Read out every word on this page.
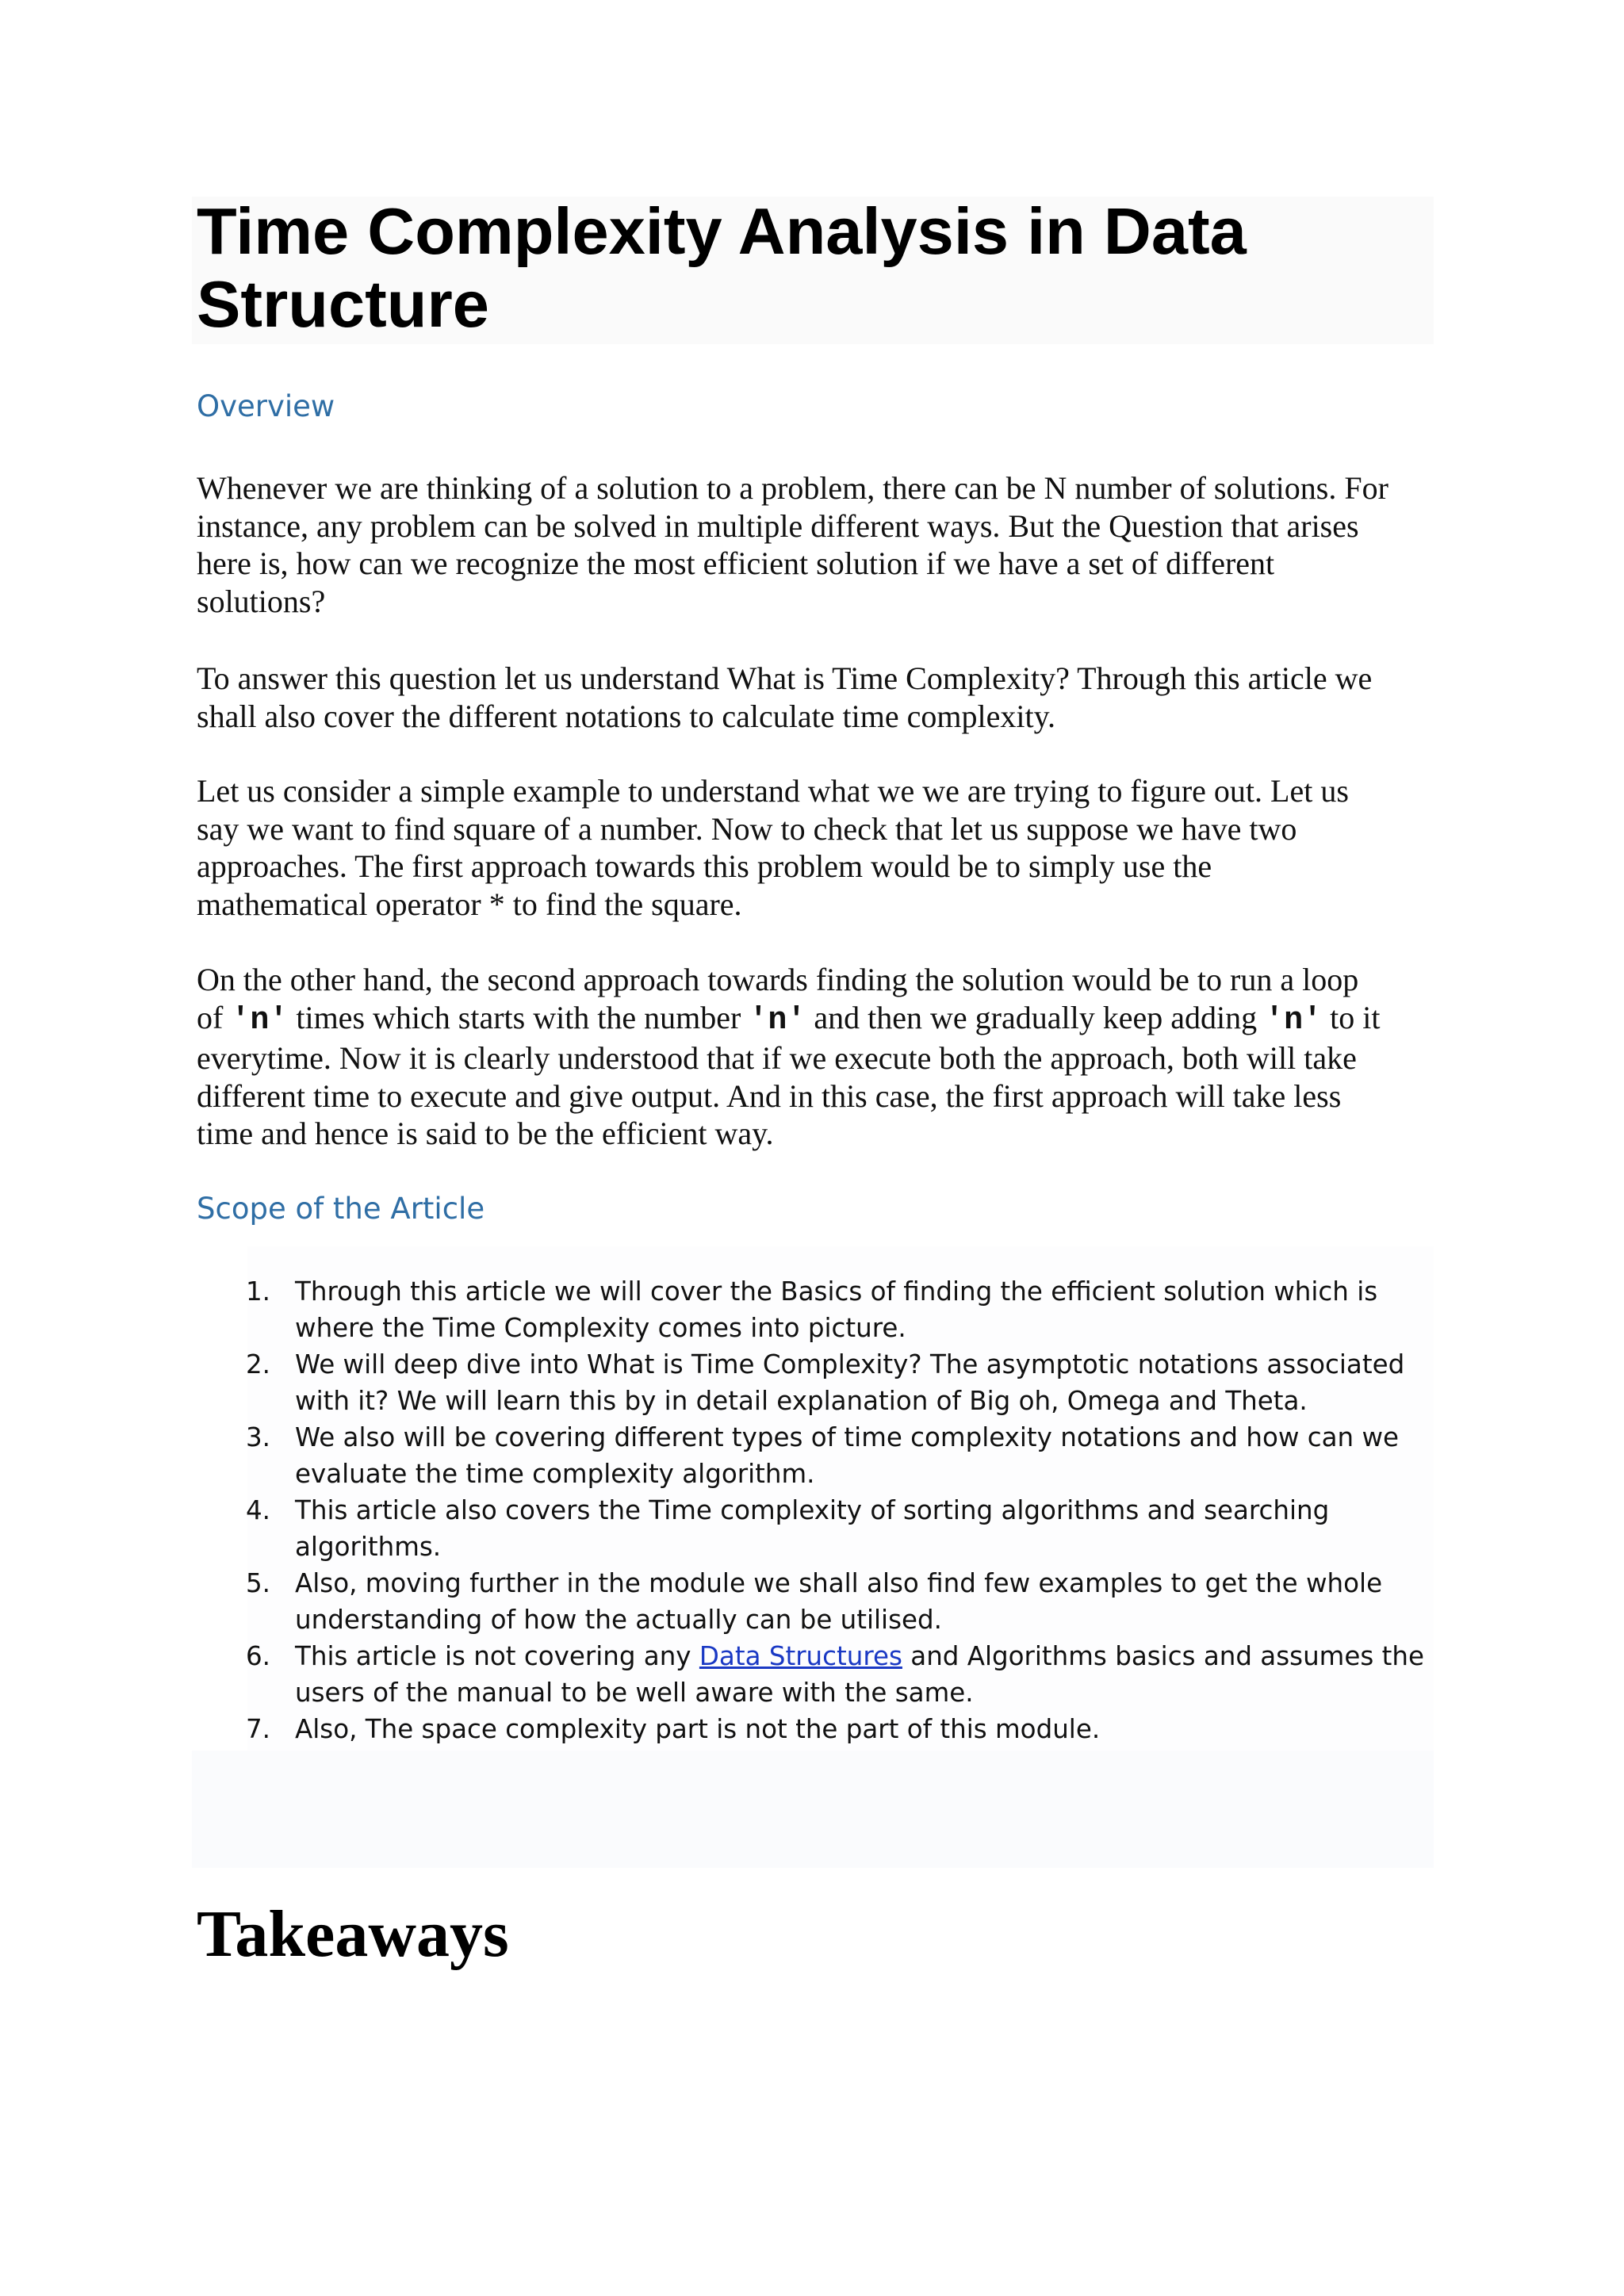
Time Complexity Analysis in Data Structure
Overview

Whenever we are thinking of a solution to a problem, there can be N number of solutions. For
instance, any problem can be solved in multiple different ways. But the Question that arises
here is, how can we recognize the most efficient solution if we have a set of different
solutions?

To answer this question let us understand What is Time Complexity? Through this article we
shall also cover the different notations to calculate time complexity.

Let us consider a simple example to understand what we we are trying to figure out. Let us
say we want to find square of a number. Now to check that let us suppose we have two
approaches. The first approach towards this problem would be to simply use the
mathematical operator * to find the square.

On the other hand, the second approach towards finding the solution would be to run a loop
of 'n' times which starts with the number 'n' and then we gradually keep adding 'n' to it
everytime. Now it is clearly understood that if we execute both the approach, both will take
different time to execute and give output. And in this case, the first approach will take less
time and hence is said to be the efficient way.

Scope of the Article
1. Through this article we will cover the Basics of finding the efficient solution which is where the Time Complexity comes into picture.
2. We will deep dive into What is Time Complexity? The asymptotic notations associated with it? We will learn this by in detail explanation of Big oh, Omega and Theta.
3. We also will be covering different types of time complexity notations and how can we evaluate the time complexity algorithm.
4. This article also covers the Time complexity of sorting algorithms and searching algorithms.
5. Also, moving further in the module we shall also find few examples to get the whole understanding of how the actually can be utilised.
6. This article is not covering any Data Structures and Algorithms basics and assumes the users of the manual to be well aware with the same.
7. Also, The space complexity part is not the part of this module.
Takeaways
